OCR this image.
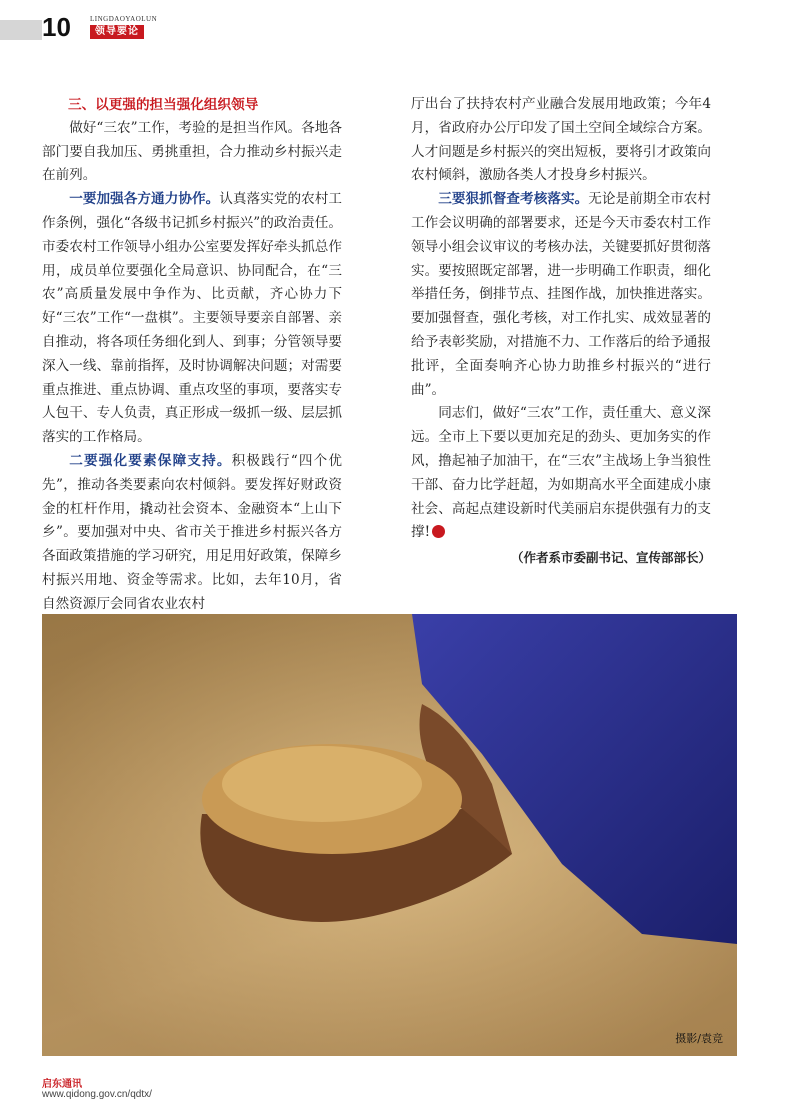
10	LINGDAOYAOLUN
领导要论

三、以更强的担当强化组织领导

做好“三农”工作，考验的是担当作风。各地各部门要自我加压、勇挑重担，合力推动乡村振兴走在前列。

一要加强各方通力协作。认真落实党的农村工作条例，强化“各级书记抓乡村振兴”的政治责任。市委农村工作领导小组办公室要发挥好牵头抓总作用，成员单位要强化全局意识、协同配合，在“三农”高质量发展中争作为、比贡献，齐心协力下好“三农”工作“一盘棋”。主要领导要亲自部署、亲自推动，将各项任务细化到人、到事；分管领导要深入一线、靠前指挥，及时协调解决问题；对需要重点推进、重点协调、重点攻坚的事项，要落实专人包干、专人负责，真正形成一级抓一级、层层抓落实的工作格局。

二要强化要素保障支持。积极践行“四个优先”，推动各类要素向农村倾斜。要发挥好财政资金的杠杆作用，撬动社会资本、金融资本“上山下乡”。要加强对中央、省市关于推进乡村振兴各方各面政策措施的学习研究，用足用好政策，保障乡村振兴用地、资金等需求。比如，去年10月，省自然资源厅会同省农业农村

厅出台了扶持农村产业融合发展用地政策；今年4月，省政府办公厅印发了国土空间全域综合方案。人才问题是乡村振兴的突出短板，要将引才政策向农村倾斜，激励各类人才投身乡村振兴。

三要狠抓督查考核落实。无论是前期全市农村工作会议明确的部署要求，还是今天市委农村工作领导小组会议审议的考核办法，关键要抓好贯彻落实。要按照既定部署，进一步明确工作职责，细化举措任务，倒排节点、挂图作战，加快推进落实。要加强督查，强化考核，对工作扎实、成效显著的给予表彰奖励，对措施不力、工作落后的给予通报批评，全面奏响齐心协力助推乡村振兴的“进行曲”。

同志们，做好“三农”工作，责任重大、意义深远。全市上下要以更加充足的劲头、更加务实的作风，撸起袖子加油干，在“三农”主战场上争当狼性干部、奋力比学赶超，为如期高水平全面建成小康社会、高起点建设新时代美丽启东提供强有力的支撑!

（作者系市委副书记、宣传部部长）

摄影/袁竞
启东通讯
www.qidong.gov.cn/qdtx/
